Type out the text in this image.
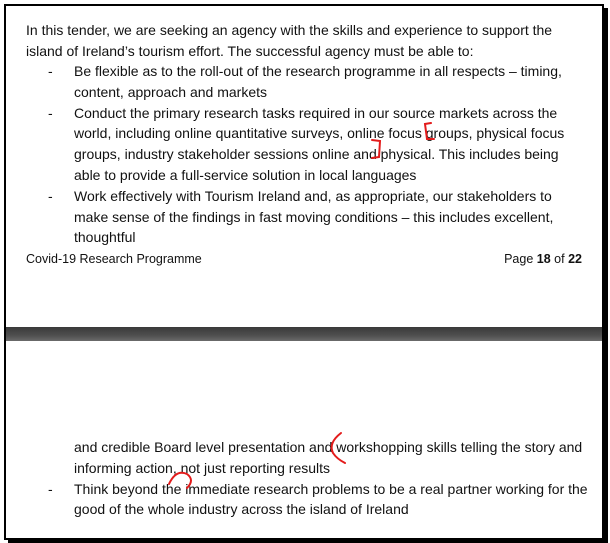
In this tender, we are seeking an agency with the skills and experience to support the island of Ireland’s tourism effort. The successful agency must be able to:

- Be flexible as to the roll-out of the research programme in all respects – timing, content, approach and markets
- Conduct the primary research tasks required in our source markets across the world, including online quantitative surveys, online focus groups, physical focus groups, industry stakeholder sessions online and physical. This includes being able to provide a full-service solution in local languages
- Work effectively with Tourism Ireland and, as appropriate, our stakeholders to make sense of the findings in fast moving conditions – this includes excellent, thoughtful
Covid-19 Research Programme	Page 18 of 22
and credible Board level presentation and workshopping skills telling the story and informing action, not just reporting results
- Think beyond the immediate research problems to be a real partner working for the good of the whole industry across the island of Ireland
